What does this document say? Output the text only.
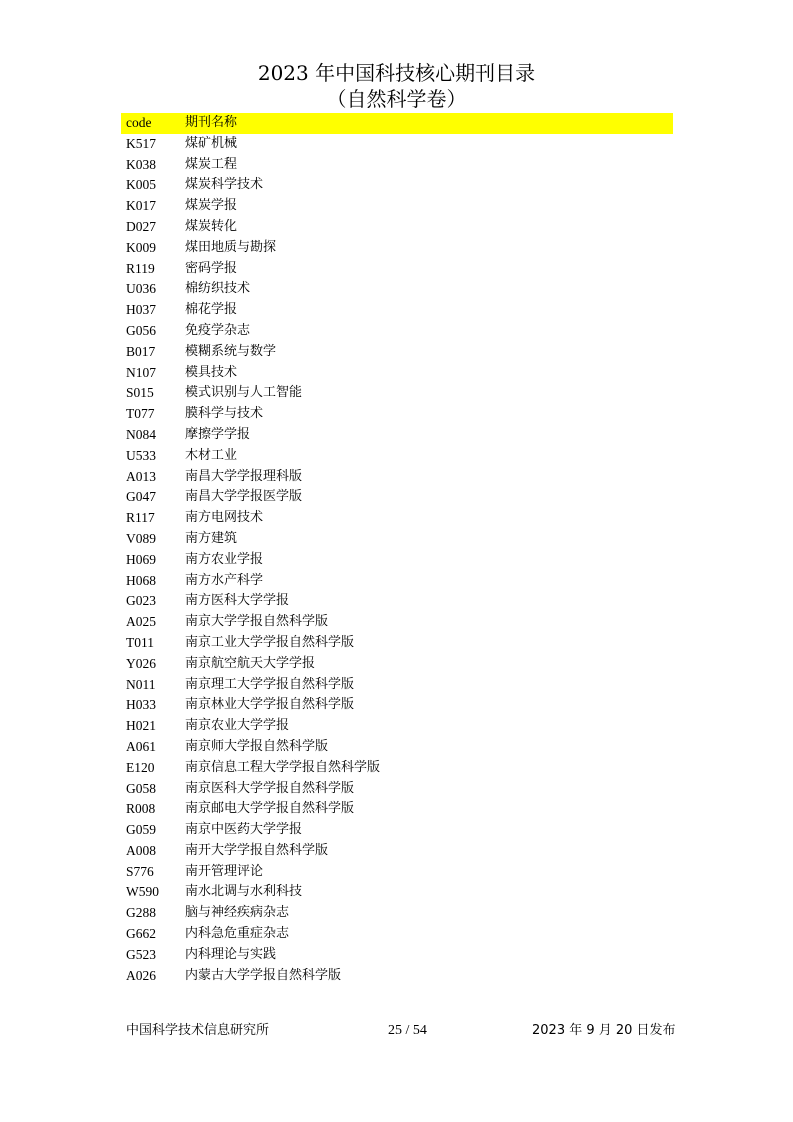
2023 年中国科技核心期刊目录
（自然科学卷）
code	期刊名称
K517	煤矿机械
K038	煤炭工程
K005	煤炭科学技术
K017	煤炭学报
D027	煤炭转化
K009	煤田地质与勘探
R119	密码学报
U036	棉纺织技术
H037	棉花学报
G056	免疫学杂志
B017	模糊系统与数学
N107	模具技术
S015	模式识别与人工智能
T077	膜科学与技术
N084	摩擦学学报
U533	木材工业
A013	南昌大学学报理科版
G047	南昌大学学报医学版
R117	南方电网技术
V089	南方建筑
H069	南方农业学报
H068	南方水产科学
G023	南方医科大学学报
A025	南京大学学报自然科学版
T011	南京工业大学学报自然科学版
Y026	南京航空航天大学学报
N011	南京理工大学学报自然科学版
H033	南京林业大学学报自然科学版
H021	南京农业大学学报
A061	南京师大学报自然科学版
E120	南京信息工程大学学报自然科学版
G058	南京医科大学学报自然科学版
R008	南京邮电大学学报自然科学版
G059	南京中医药大学学报
A008	南开大学学报自然科学版
S776	南开管理评论
W590	南水北调与水利科技
G288	脑与神经疾病杂志
G662	内科急危重症杂志
G523	内科理论与实践
A026	内蒙古大学学报自然科学版
中国科学技术信息研究所	25 / 54	2023 年 9 月 20 日发布
